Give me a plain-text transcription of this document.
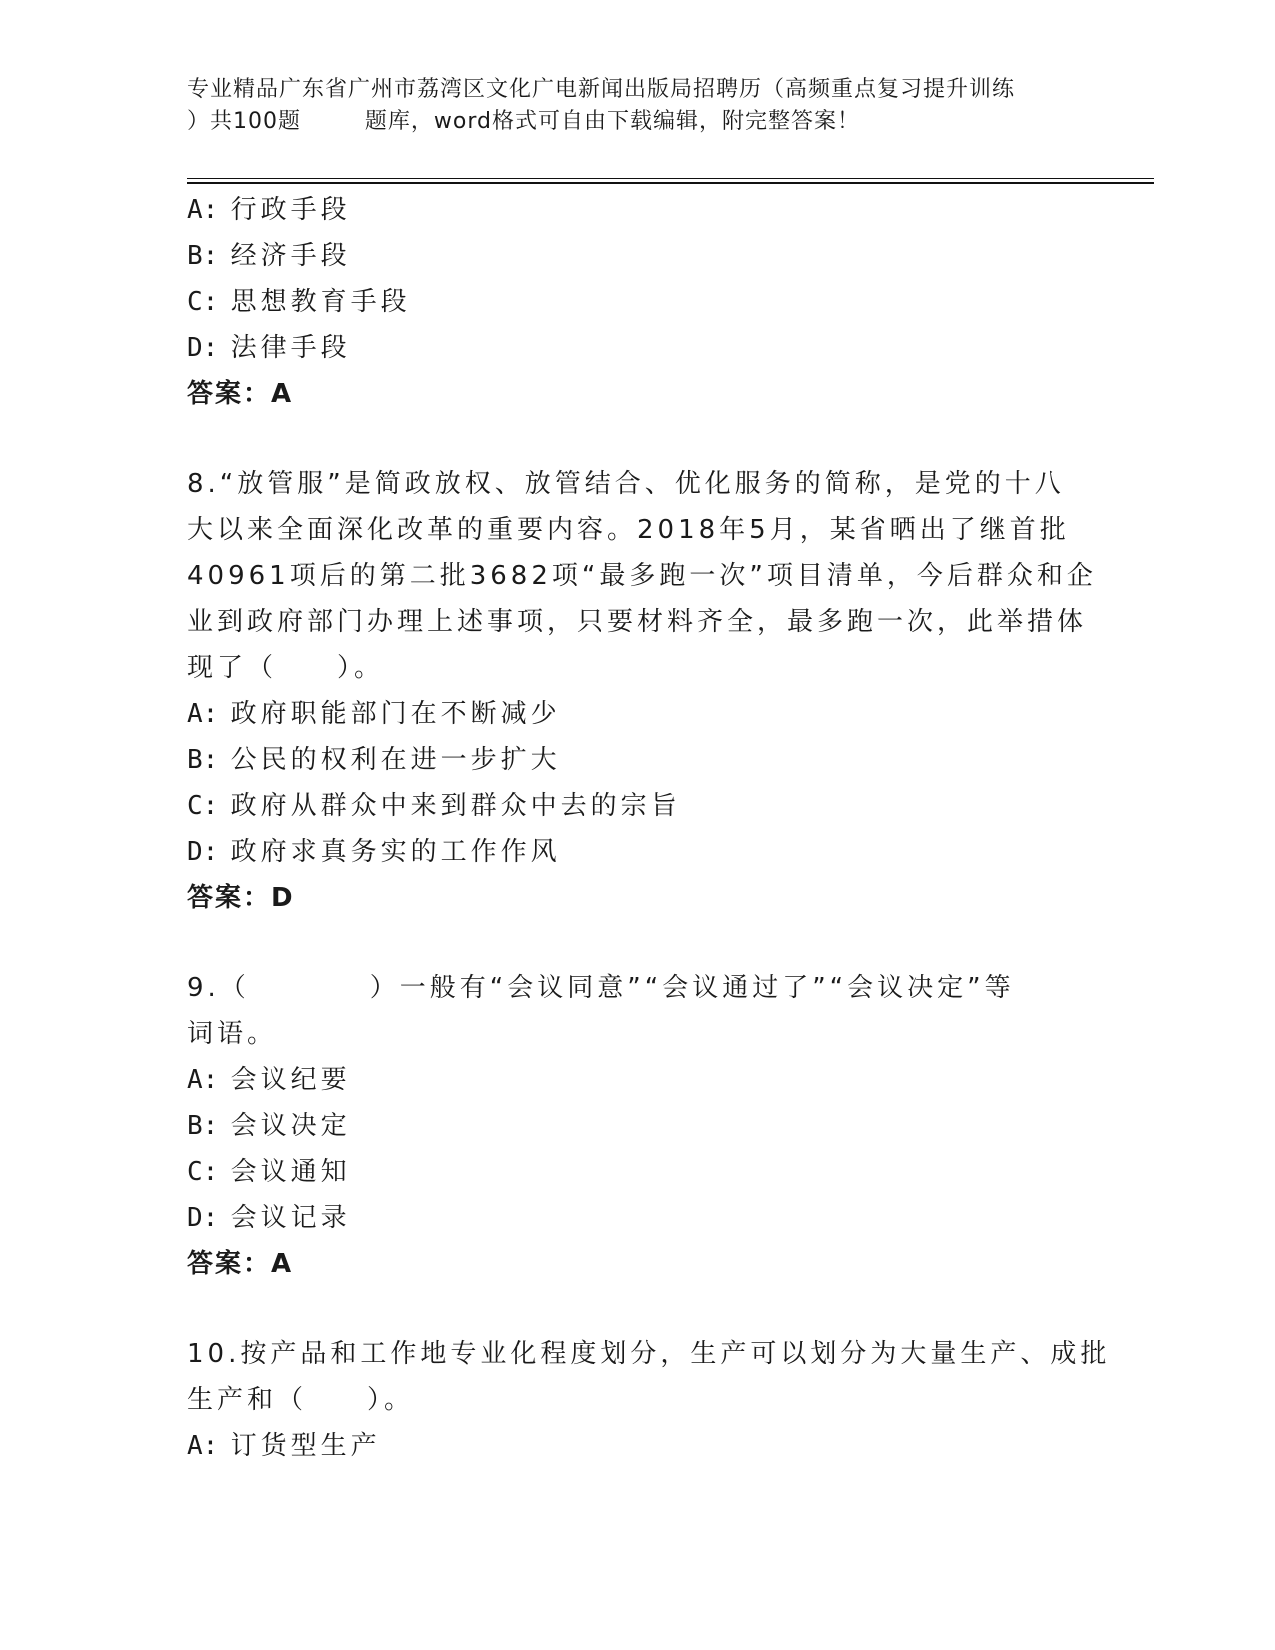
专业精品广东省广州市荔湾区文化广电新闻出版局招聘历（高频重点复习提升训练
）共100题        题库，word格式可自由下载编辑，附完整答案！
A: 行政手段
B: 经济手段
C: 思想教育手段
D: 法律手段
答案：A
8.“放管服”是简政放权、放管结合、优化服务的简称，是党的十八
大以来全面深化改革的重要内容。2018年5月，某省晒出了继首批
40961项后的第二批3682项“最多跑一次”项目清单，今后群众和企
业到政府部门办理上述事项，只要材料齐全，最多跑一次，此举措体
现了（　　）。
A: 政府职能部门在不断减少
B: 公民的权利在进一步扩大
C: 政府从群众中来到群众中去的宗旨
D: 政府求真务实的工作作风
答案：D
9.（　　　　）一般有“会议同意”“会议通过了”“会议决定”等
词语。
A: 会议纪要
B: 会议决定
C: 会议通知
D: 会议记录
答案：A
10.按产品和工作地专业化程度划分，生产可以划分为大量生产、成批
生产和（　　）。
A: 订货型生产
